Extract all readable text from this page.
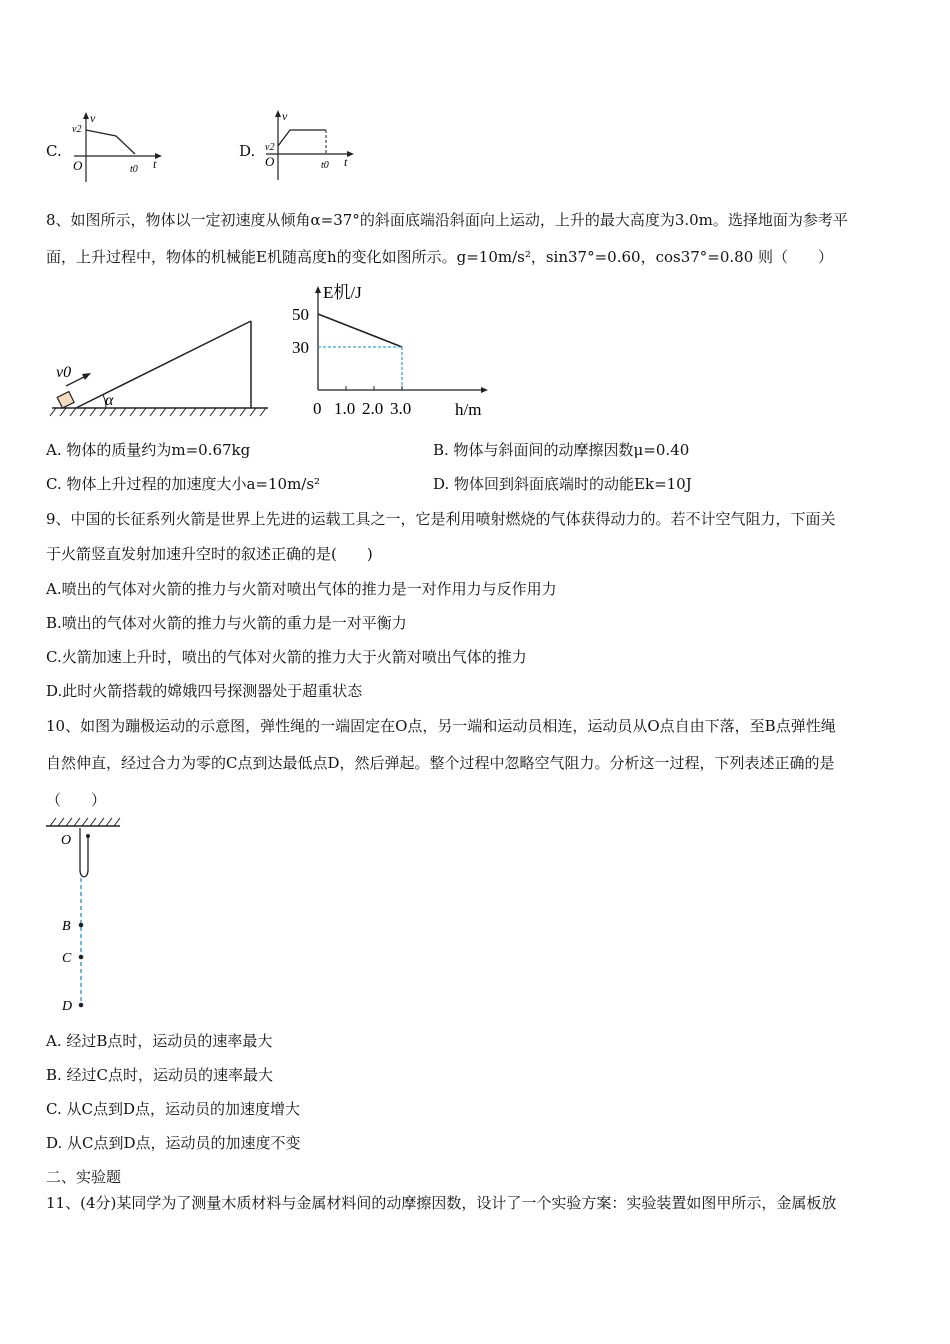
C.
v
v2
O	t0 t
D.
v
v2
O	t0 t
8、如图所示，物体以一定初速度从倾角α=37°的斜面底端沿斜面向上运动，上升的最大高度为3.0m。选择地面为参考平
面，上升过程中，物体的机械能E机随高度h的变化如图所示。g=10m/s²，sin37°=0.60，cos37°=0.80 则（　　）
v0
α
E机/J
h/m
50
30
0 1.0 2.0 3.0
A. 物体的质量约为m=0.67kg	B. 物体与斜面间的动摩擦因数μ=0.40
C. 物体上升过程的加速度大小a=10m/s²	D. 物体回到斜面底端时的动能Ek=10J
9、中国的长征系列火箭是世界上先进的运载工具之一，它是利用喷射燃烧的气体获得动力的。若不计空气阻力，下面关
于火箭竖直发射加速升空时的叙述正确的是(　　)
A.喷出的气体对火箭的推力与火箭对喷出气体的推力是一对作用力与反作用力
B.喷出的气体对火箭的推力与火箭的重力是一对平衡力
C.火箭加速上升时，喷出的气体对火箭的推力大于火箭对喷出气体的推力
D.此时火箭搭载的嫦娥四号探测器处于超重状态
10、如图为蹦极运动的示意图，弹性绳的一端固定在O点，另一端和运动员相连，运动员从O点自由下落，至B点弹性绳
自然伸直，经过合力为零的C点到达最低点D，然后弹起。整个过程中忽略空气阻力。分析这一过程，下列表述正确的是
（　　）
O
B
C
D
A. 经过B点时，运动员的速率最大
B. 经过C点时，运动员的速率最大
C. 从C点到D点，运动员的加速度增大
D. 从C点到D点，运动员的加速度不变
二、实验题
11、(4分)某同学为了测量木质材料与金属材料间的动摩擦因数，设计了一个实验方案：实验装置如图甲所示，金属板放
